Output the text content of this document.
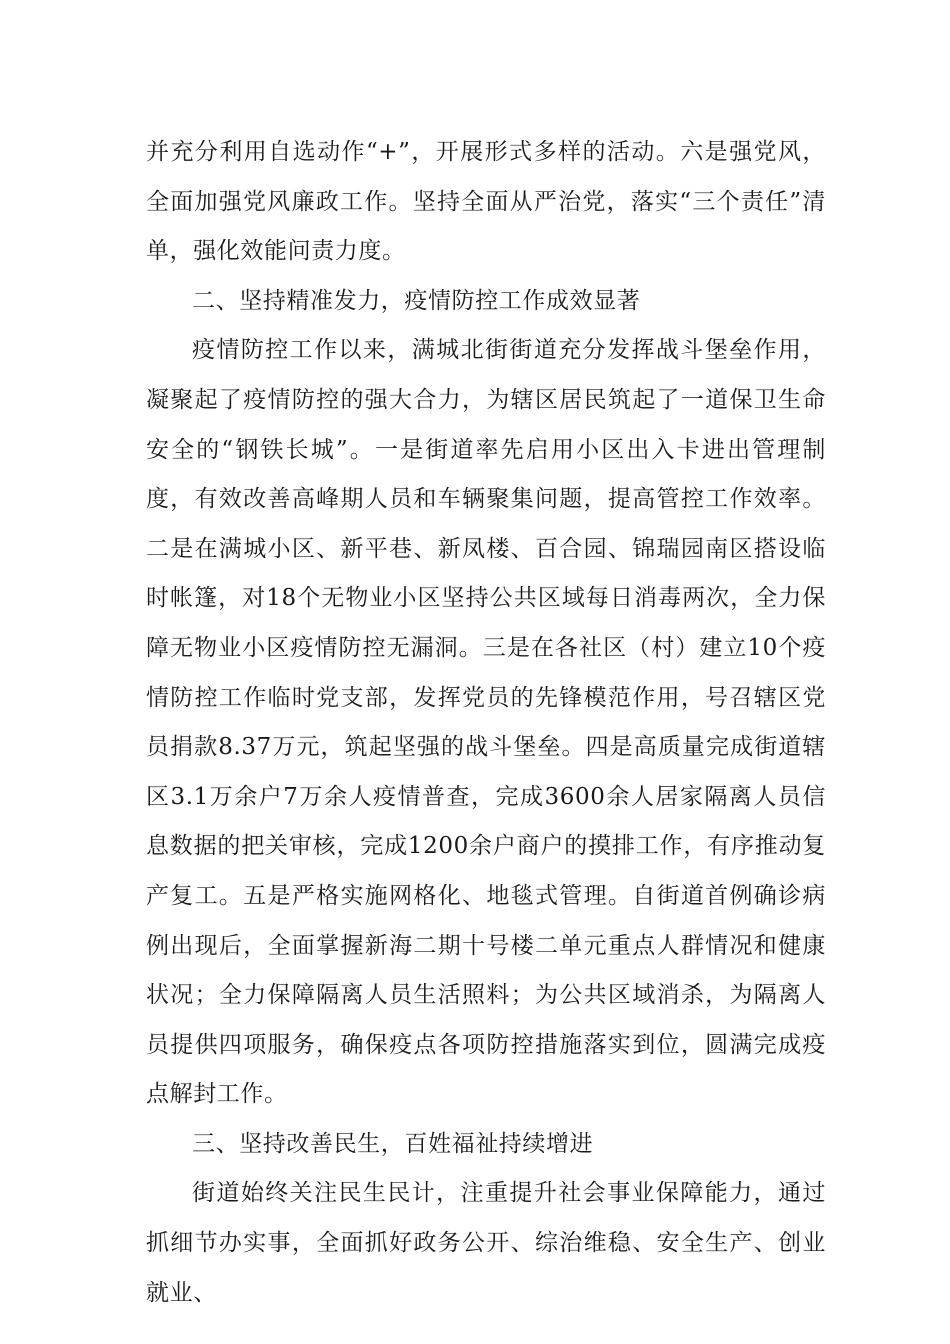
并充分利用自选动作“+”，开展形式多样的活动。六是强党风，全面加强党风廉政工作。坚持全面从严治党，落实“三个责任”清单，强化效能问责力度。

二、坚持精准发力，疫情防控工作成效显著

疫情防控工作以来，满城北街街道充分发挥战斗堡垒作用，凝聚起了疫情防控的强大合力，为辖区居民筑起了一道保卫生命安全的“钢铁长城”。一是街道率先启用小区出入卡进出管理制度，有效改善高峰期人员和车辆聚集问题，提高管控工作效率。二是在满城小区、新平巷、新凤楼、百合园、锦瑞园南区搭设临时帐篷，对18个无物业小区坚持公共区域每日消毒两次，全力保障无物业小区疫情防控无漏洞。三是在各社区（村）建立10个疫情防控工作临时党支部，发挥党员的先锋模范作用，号召辖区党员捐款8.37万元，筑起坚强的战斗堡垒。四是高质量完成街道辖区3.1万余户7万余人疫情普查，完成3600余人居家隔离人员信息数据的把关审核，完成1200余户商户的摸排工作，有序推动复产复工。五是严格实施网格化、地毯式管理。自街道首例确诊病例出现后，全面掌握新海二期十号楼二单元重点人群情况和健康状况；全力保障隔离人员生活照料；为公共区域消杀，为隔离人员提供四项服务，确保疫点各项防控措施落实到位，圆满完成疫点解封工作。

三、坚持改善民生，百姓福祉持续增进

街道始终关注民生民计，注重提升社会事业保障能力，通过抓细节办实事，全面抓好政务公开、综治维稳、安全生产、创业就业、
